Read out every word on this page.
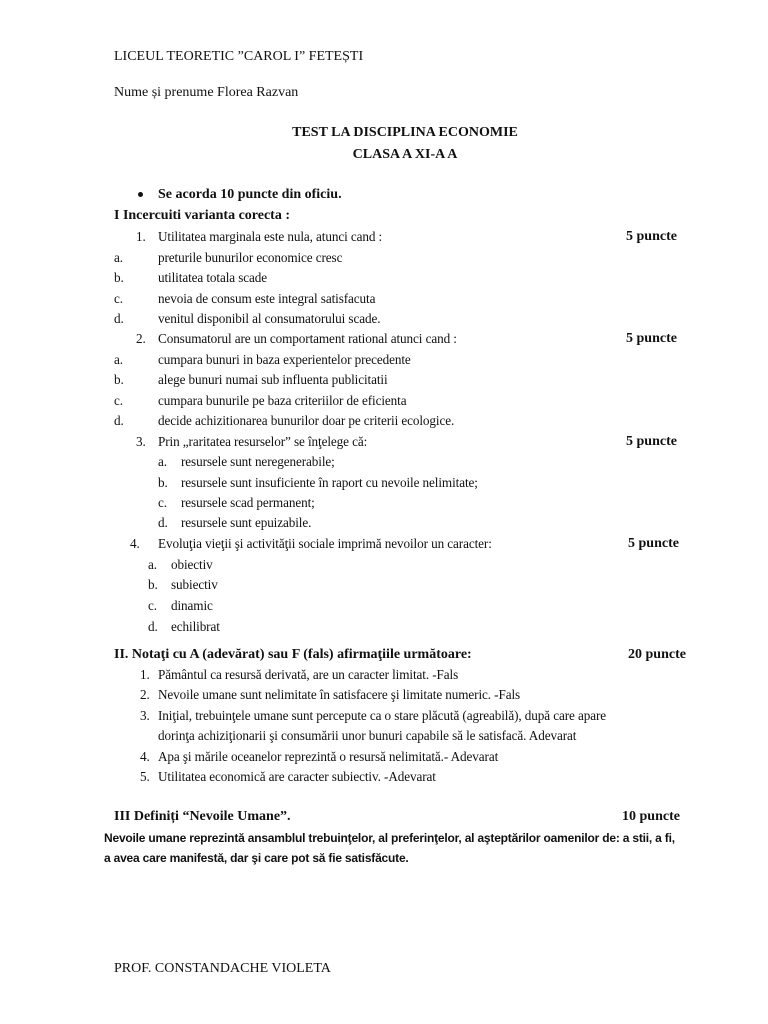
LICEUL TEORETIC ”CAROL I” FETEȘTI
Nume și prenume Florea Razvan
TEST LA DISCIPLINA ECONOMIE
CLASA A XI-A A
Se acorda 10 puncte din oficiu.
I Incercuiti varianta corecta :
1. Utilitatea marginala este nula, atunci cand :	5 puncte
a.	preturile bunurilor economice cresc
b.	utilitatea totala scade
c.	nevoia de consum este integral satisfacuta
d.	venitul disponibil al consumatorului scade.
2. Consumatorul are un comportament rational atunci cand :	5 puncte
a.	cumpara bunuri in baza experientelor precedente
b.	alege bunuri numai sub influenta publicitatii
c.	cumpara bunurile pe baza criteriilor de eficienta
d.	decide achizitionarea bunurilor doar pe criterii ecologice.
3. Prin „raritatea resurselor” se înţelege că:	5 puncte
a. resursele sunt neregenerabile;
b. resursele sunt insuficiente în raport cu nevoile nelimitate;
c. resursele scad permanent;
d. resursele sunt epuizabile.
4. Evoluţia vieţii şi activităţii sociale imprimă nevoilor un caracter:	5 puncte
a. obiectiv
b. subiectiv
c. dinamic
d. echilibrat
II. Notaţi cu A (adevărat) sau F (fals) afirmaţiile următoare:	20 puncte
1. Pământul ca resursă derivată, are un caracter limitat. -Fals
2. Nevoile umane sunt nelimitate în satisfacere şi limitate numeric. -Fals
3. Iniţial, trebuinţele umane sunt percepute ca o stare plăcută (agreabilă), după care apare
dorinţa achiziţionarii şi consumării unor bunuri capabile să le satisfacă. Adevarat
4. Apa şi mările oceanelor reprezintă o resursă nelimitată.- Adevarat
5. Utilitatea economică are caracter subiectiv. -Adevarat
III Definiți “Nevoile Umane”.	10 puncte
Nevoile umane reprezintă ansamblul trebuinţelor, al preferinţelor, al aşteptărilor oamenilor de: a stii, a fi,
a avea care manifestă, dar şi care pot să fie satisfăcute.
PROF. CONSTANDACHE VIOLETA
